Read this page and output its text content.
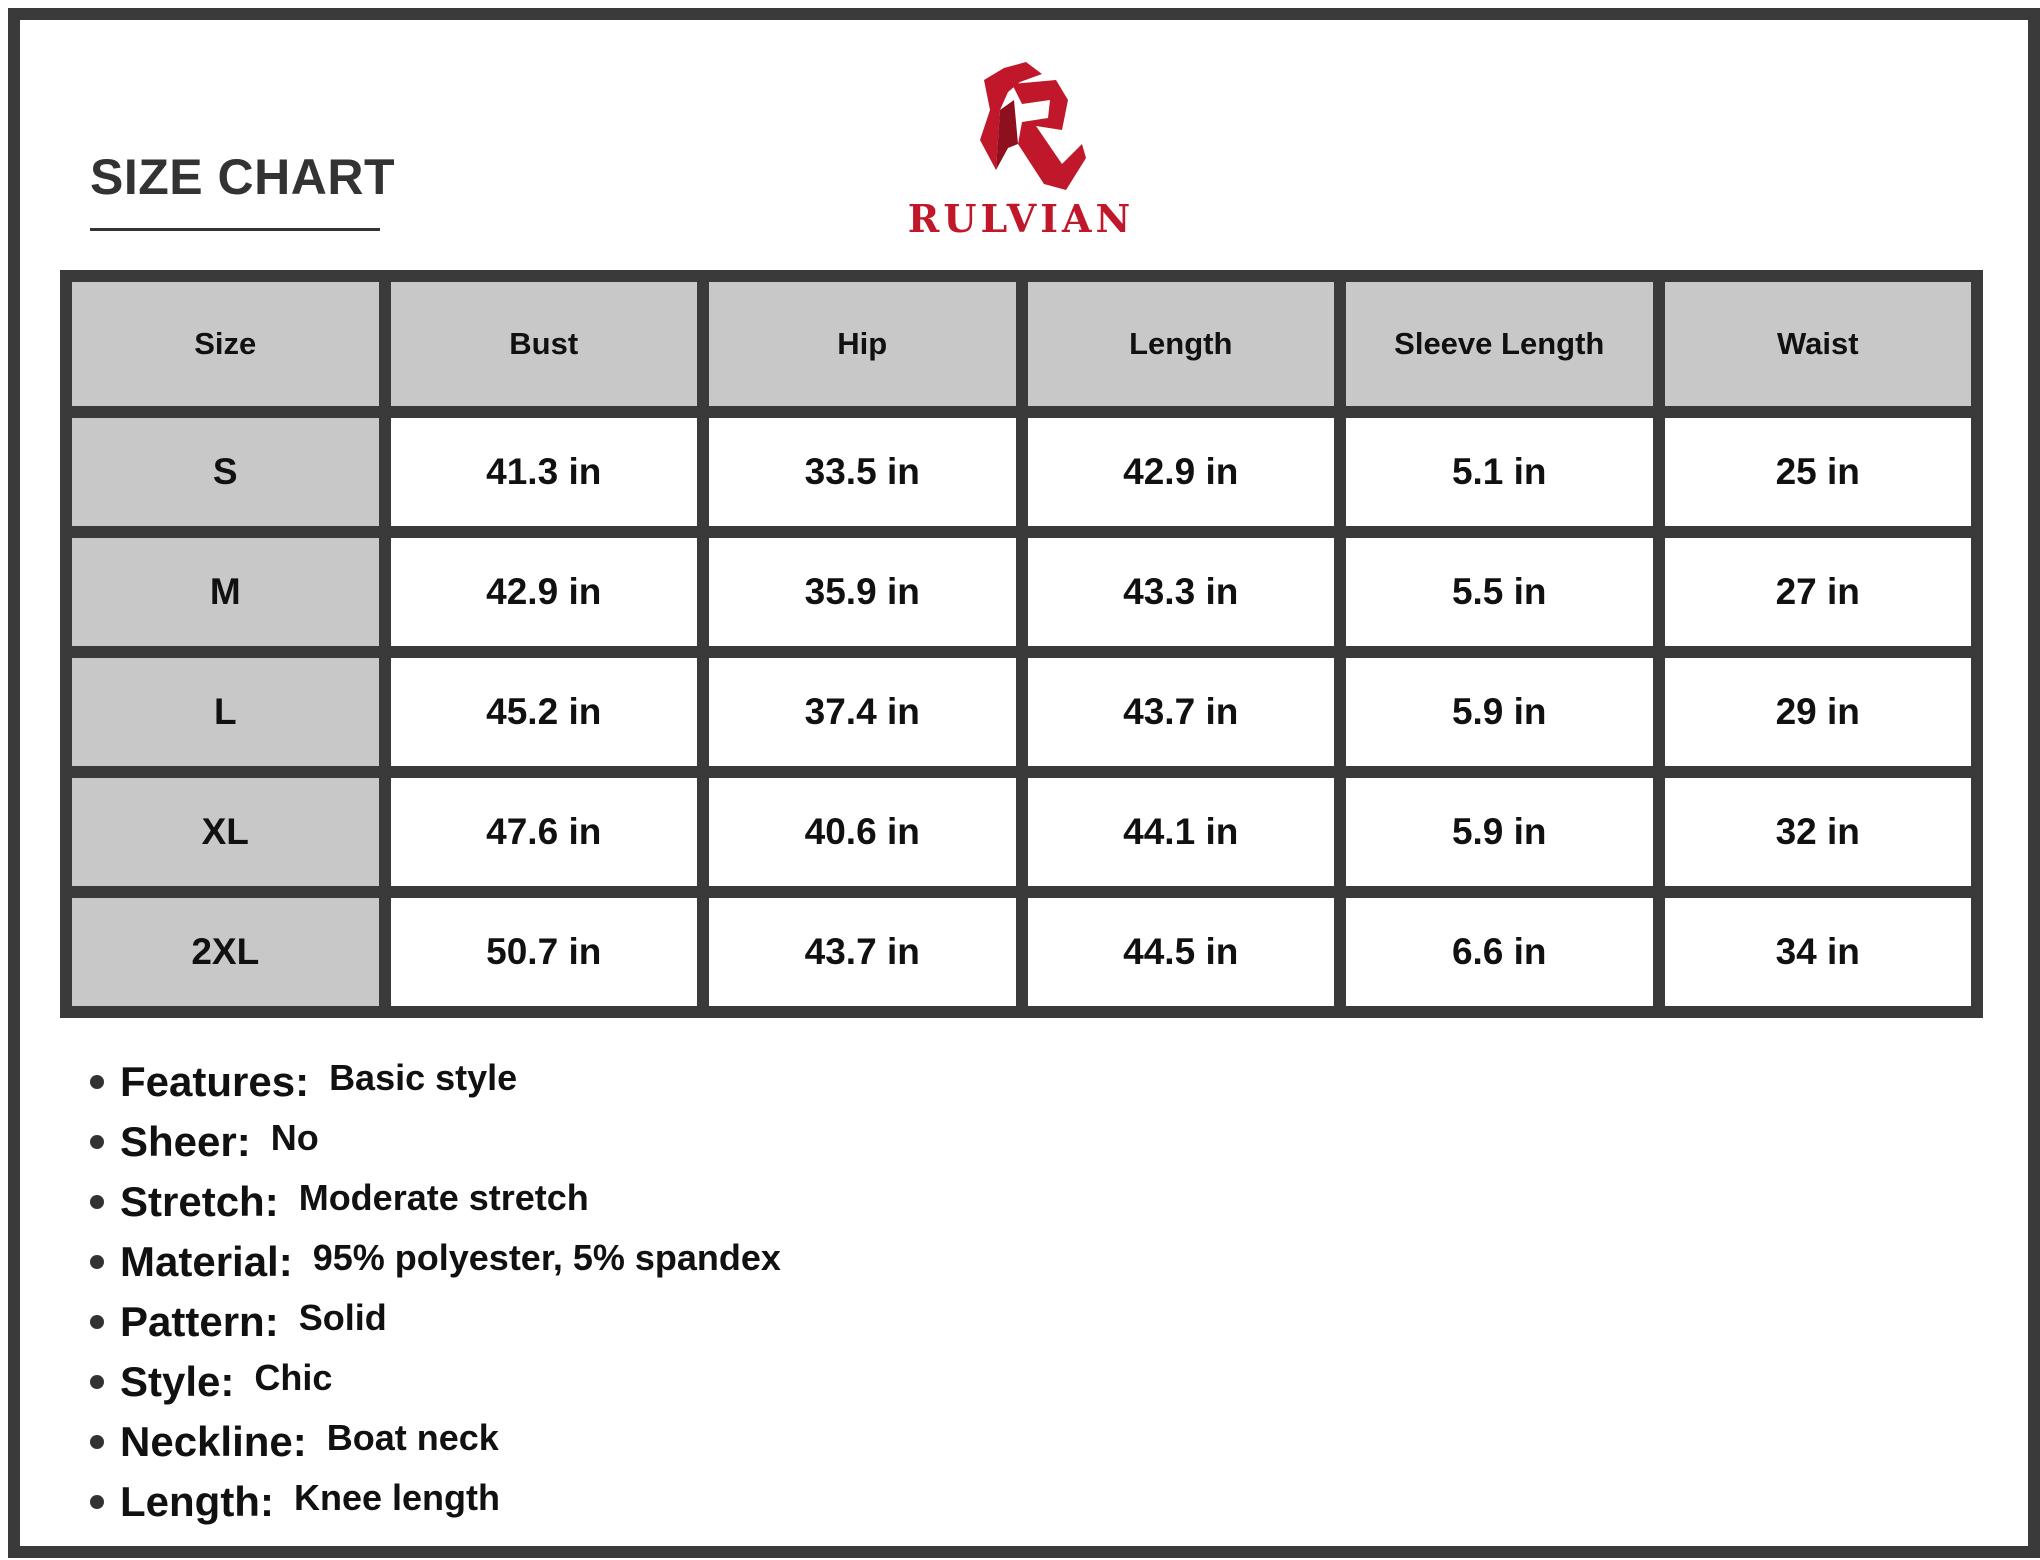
SIZE CHART
RULVIAN
Size	Bust	Hip	Length	Sleeve Length	Waist
S	41.3 in	33.5 in	42.9 in	5.1 in	25 in
M	42.9 in	35.9 in	43.3 in	5.5 in	27 in
L	45.2 in	37.4 in	43.7 in	5.9 in	29 in
XL	47.6 in	40.6 in	44.1 in	5.9 in	32 in
2XL	50.7 in	43.7 in	44.5 in	6.6 in	34 in
Features: Basic style
Sheer: No
Stretch: Moderate stretch
Material: 95% polyester, 5% spandex
Pattern: Solid
Style: Chic
Neckline: Boat neck
Length: Knee length
